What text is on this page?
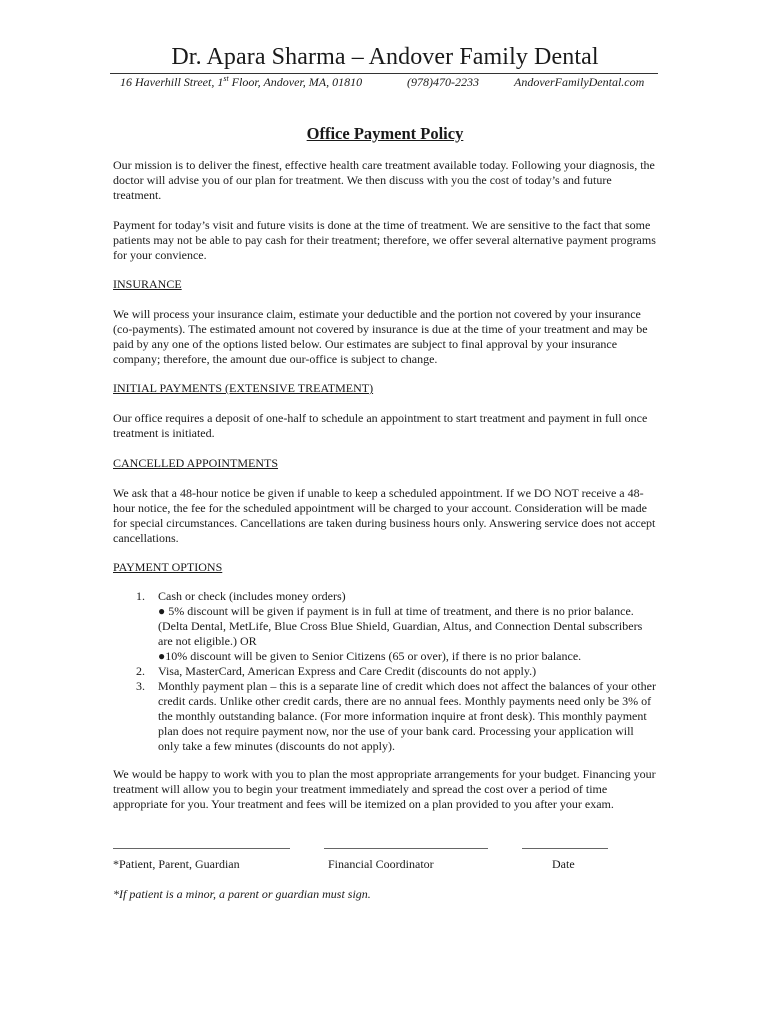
Dr. Apara Sharma – Andover Family Dental
16 Haverhill Street, 1st Floor, Andover, MA, 01810	(978)470-2233	AndoverFamilyDental.com
Office Payment Policy

Our mission is to deliver the finest, effective health care treatment available today. Following your diagnosis, the doctor will advise you of our plan for treatment. We then discuss with you the cost of today’s and future treatment.

Payment for today’s visit and future visits is done at the time of treatment. We are sensitive to the fact that some patients may not be able to pay cash for their treatment; therefore, we offer several alternative payment programs for your convience.

INSURANCE

We will process your insurance claim, estimate your deductible and the portion not covered by your insurance (co-payments). The estimated amount not covered by insurance is due at the time of your treatment and may be paid by any one of the options listed below. Our estimates are subject to final approval by your insurance company; therefore, the amount due our-office is subject to change.

INITIAL PAYMENTS (EXTENSIVE TREATMENT)

Our office requires a deposit of one-half to schedule an appointment to start treatment and payment in full once treatment is initiated.

CANCELLED APPOINTMENTS

We ask that a 48-hour notice be given if unable to keep a scheduled appointment. If we DO NOT receive a 48-hour notice, the fee for the scheduled appointment will be charged to your account. Consideration will be made for special circumstances. Cancellations are taken during business hours only. Answering service does not accept cancellations.

PAYMENT OPTIONS

1. Cash or check (includes money orders)
● 5% discount will be given if payment is in full at time of treatment, and there is no prior balance. (Delta Dental, MetLife, Blue Cross Blue Shield, Guardian, Altus, and Connection Dental subscribers are not eligible.) OR
●10% discount will be given to Senior Citizens (65 or over), if there is no prior balance.
2. Visa, MasterCard, American Express and Care Credit (discounts do not apply.)
3. Monthly payment plan – this is a separate line of credit which does not affect the balances of your other credit cards. Unlike other credit cards, there are no annual fees. Monthly payments need only be 3% of the monthly outstanding balance. (For more information inquire at front desk). This monthly payment plan does not require payment now, nor the use of your bank card. Processing your application will only take a few minutes (discounts do not apply).

We would be happy to work with you to plan the most appropriate arrangements for your budget. Financing your treatment will allow you to begin your treatment immediately and spread the cost over a period of time appropriate for you. Your treatment and fees will be itemized on a plan provided to you after your exam.

*Patient, Parent, Guardian	Financial Coordinator	Date
*If patient is a minor, a parent or guardian must sign.
